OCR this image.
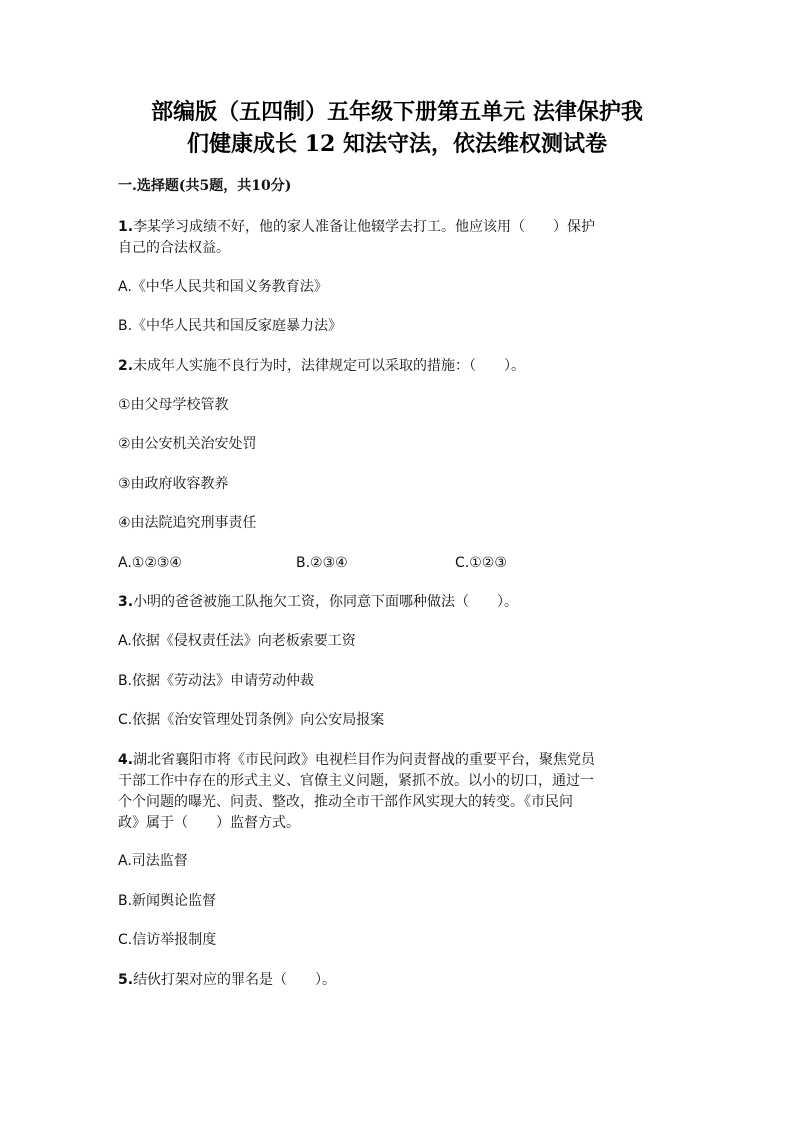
部编版（五四制）五年级下册第五单元 法律保护我
们健康成长 12 知法守法，依法维权测试卷
一.选择题(共5题，共10分)
1.李某学习成绩不好，他的家人准备让他辍学去打工。他应该用（　　）保护
自己的合法权益。
A.《中华人民共和国义务教育法》
B.《中华人民共和国反家庭暴力法》
2.未成年人实施不良行为时，法律规定可以采取的措施：（　　）。
①由父母学校管教
②由公安机关治安处罚
③由政府收容教养
④由法院追究刑事责任
A.①②③④	B.②③④	C.①②③
3.小明的爸爸被施工队拖欠工资，你同意下面哪种做法（　　）。
A.依据《侵权责任法》向老板索要工资
B.依据《劳动法》申请劳动仲裁
C.依据《治安管理处罚条例》向公安局报案
4.湖北省襄阳市将《市民问政》电视栏目作为问责督战的重要平台，聚焦党员
干部工作中存在的形式主义、官僚主义问题，紧抓不放。以小的切口，通过一
个个问题的曝光、问责、整改，推动全市干部作风实现大的转变。《市民问
政》属于（　　）监督方式。
A.司法监督
B.新闻舆论监督
C.信访举报制度
5.结伙打架对应的罪名是（　　）。
